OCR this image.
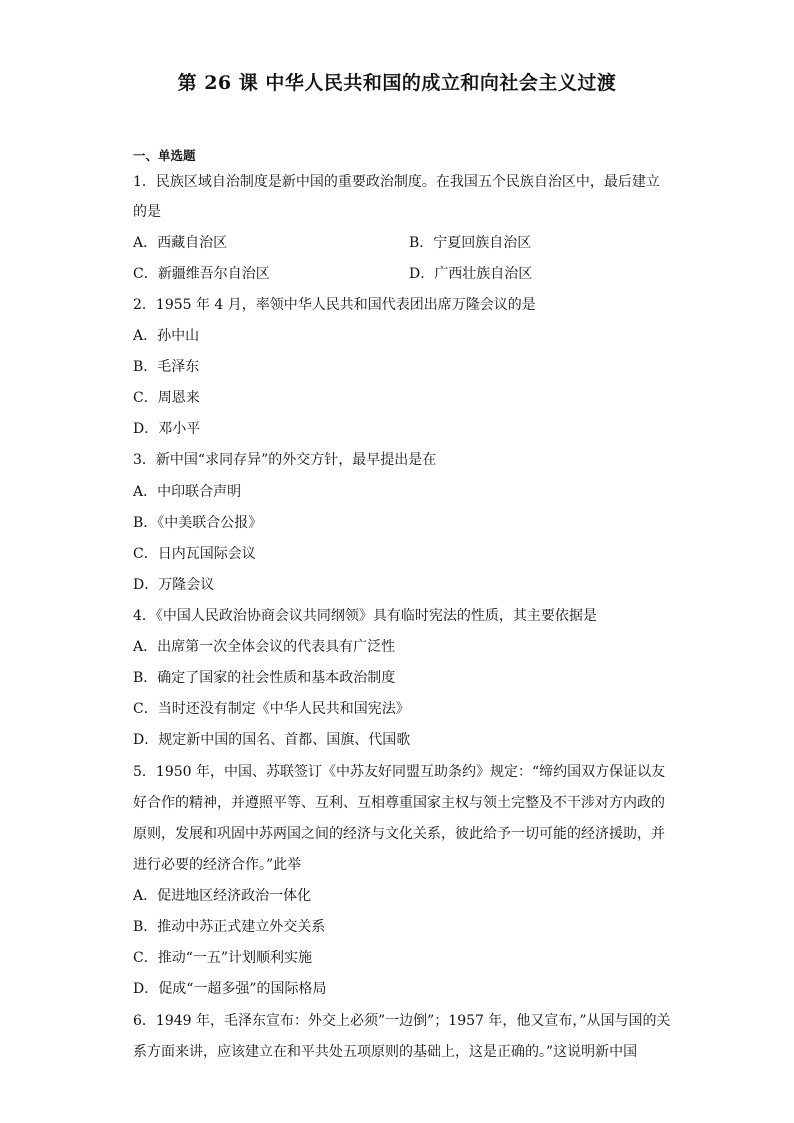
第 26 课 中华人民共和国的成立和向社会主义过渡
一、单选题
1．民族区域自治制度是新中国的重要政治制度。在我国五个民族自治区中，最后建立
的是
A．西藏自治区	B．宁夏回族自治区
C．新疆维吾尔自治区	D．广西壮族自治区
2．1955 年 4 月，率领中华人民共和国代表团出席万隆会议的是
A．孙中山
B．毛泽东
C．周恩来
D．邓小平
3．新中国“求同存异”的外交方针，最早提出是在
A．中印联合声明
B．《中美联合公报》
C．日内瓦国际会议
D．万隆会议
4．《中国人民政治协商会议共同纲领》具有临时宪法的性质，其主要依据是
A．出席第一次全体会议的代表具有广泛性
B．确定了国家的社会性质和基本政治制度
C．当时还没有制定《中华人民共和国宪法》
D．规定新中国的国名、首都、国旗、代国歌
5．1950 年，中国、苏联签订《中苏友好同盟互助条约》规定：“缔约国双方保证以友
好合作的精神，并遵照平等、互利、互相尊重国家主权与领土完整及不干涉对方内政的
原则，发展和巩固中苏两国之间的经济与文化关系，彼此给予一切可能的经济援助，并
进行必要的经济合作。”此举
A．促进地区经济政治一体化
B．推动中苏正式建立外交关系
C．推动“一五”计划顺利实施
D．促成“一超多强”的国际格局
6．1949 年，毛泽东宣布：外交上必须”一边倒”；1957 年，他又宣布，”从国与国的关
系方面来讲，应该建立在和平共处五项原则的基础上，这是正确的。”这说明新中国
